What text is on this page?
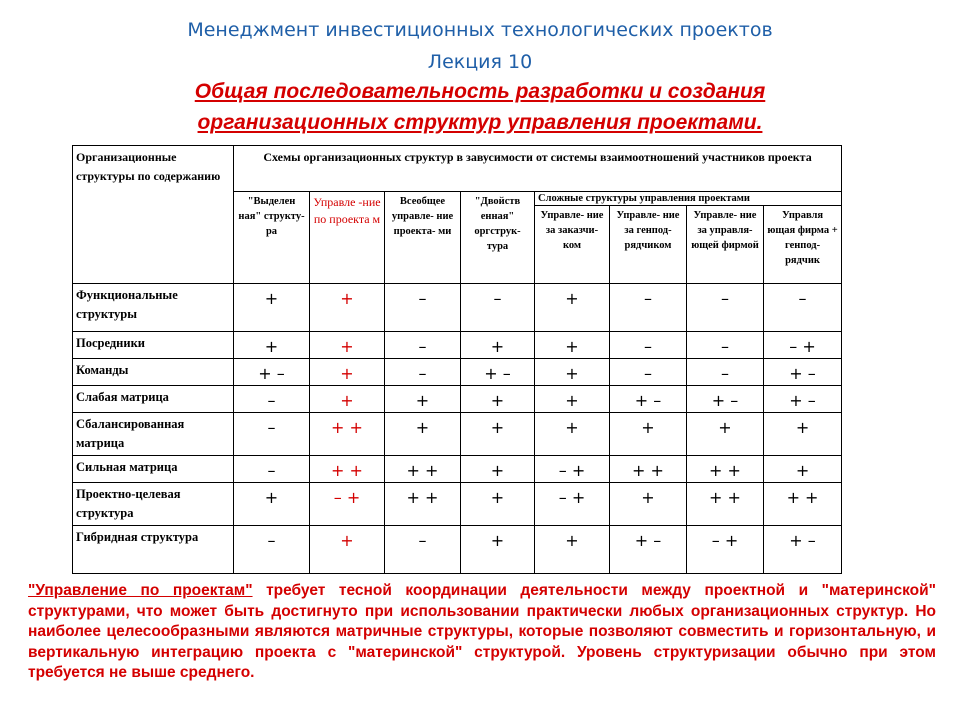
Менеджмент инвестиционных технологических проектов
Лекция 10
Общая последовательность разработки и создания
организационных структур управления проектами.
Организационные структуры по содержанию	Схемы организационных структур в завусимости от системы взаимоотношений участников проекта							
	"Выделен ная" структу- ра	Управле -ние по проекта м	Всеобщее управле- ние проекта- ми	"Двойств енная" оргструк- тура	Сложные структуры управления проектами			
					Управле- ние за заказчи- ком	Управле- ние за генпод- рядчиком	Управле- ние за управля- ющей фирмой	Управля ющая фирма + генпод- рядчик
Функциональные структуры	+	+	–	–	+	–	–	–
Посредники	+	+	–	+	+	–	–	– +
Команды	+ –	+	–	+ –	+	–	–	+ –
Слабая матрица	–	+	+	+	+	+ –	+ –	+ –
Сбалансированная матрица	–	+ +	+	+	+	+	+	+
Сильная матрица	–	+ +	+ +	+	– +	+ +	+ +	+
Проектно-целевая структура	+	– +	+ +	+	– +	+	+ +	+ +
Гибридная структура	–	+	–	+	+	+ –	– +	+ –
"Управление по проектам" требует тесной координации деятельности между проектной и "материнской" структурами, что может быть достигнуто при использовании практически любых организационных структур. Но наиболее целесообразными являются матричные структуры, которые позволяют совместить и горизонтальную, и вертикальную интеграцию проекта с "материнской" структурой. Уровень структуризации обычно при этом требуется не выше среднего.
